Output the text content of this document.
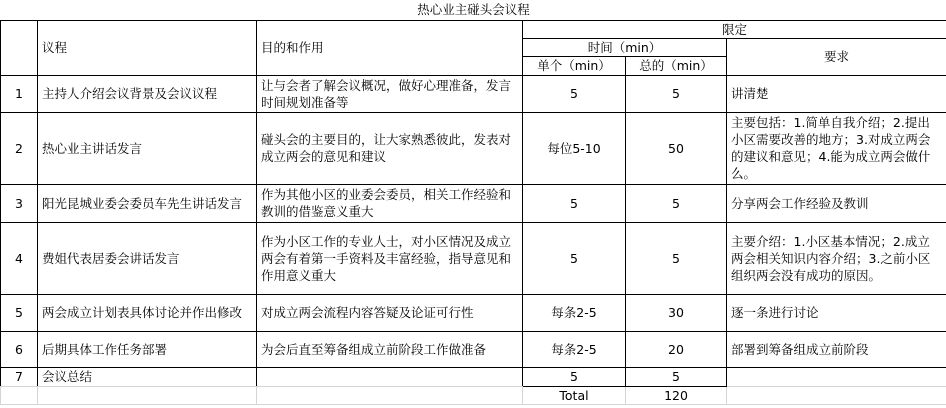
热心业主碰头会议程					
	议程	目的和作用	限定		
			时间（min）		要求
			单个（min）	总的（min）	
1	主持人介绍会议背景及会议议程	让与会者了解会议概况，做好心理准备，发言时间规划准备等	5	5	讲清楚
2	热心业主讲话发言	碰头会的主要目的，让大家熟悉彼此，发表对成立两会的意见和建议	每位5-10	50	主要包括：1.简单自我介绍；2.提出小区需要改善的地方；3.对成立两会的建议和意见；4.能为成立两会做什么。
3	阳光昆城业委会委员车先生讲话发言	作为其他小区的业委会委员，相关工作经验和教训的借鉴意义重大	5	5	分享两会工作经验及教训
4	费姐代表居委会讲话发言	作为小区工作的专业人士，对小区情况及成立两会有着第一手资料及丰富经验，指导意见和作用意义重大	5	5	主要介绍：1.小区基本情况；2.成立两会相关知识内容介绍；3.之前小区组织两会没有成功的原因。
5	两会成立计划表具体讨论并作出修改	对成立两会流程内容答疑及论证可行性	每条2-5	30	逐一条进行讨论
6	后期具体工作任务部署	为会后直至筹备组成立前阶段工作做准备	每条2-5	20	部署到筹备组成立前阶段
7	会议总结		5	5	
			Total	120	
